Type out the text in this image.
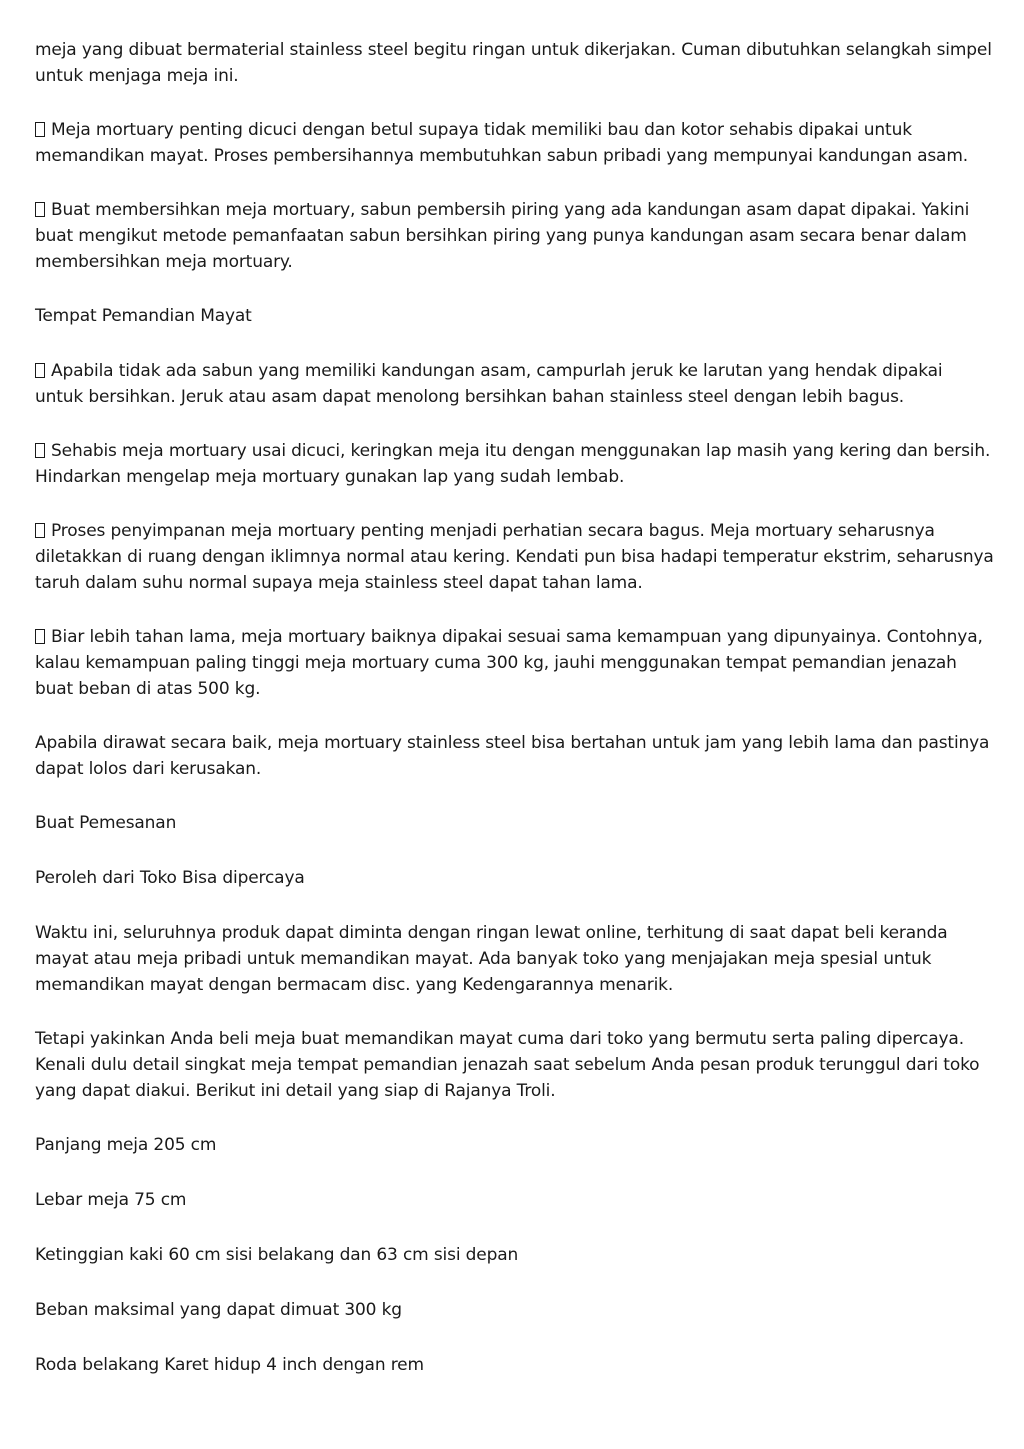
meja yang dibuat bermaterial stainless steel begitu ringan untuk dikerjakan. Cuman dibutuhkan selangkah simpel untuk menjaga meja ini.

Meja mortuary penting dicuci dengan betul supaya tidak memiliki bau dan kotor sehabis dipakai untuk memandikan mayat. Proses pembersihannya membutuhkan sabun pribadi yang mempunyai kandungan asam.

Buat membersihkan meja mortuary, sabun pembersih piring yang ada kandungan asam dapat dipakai. Yakini buat mengikut metode pemanfaatan sabun bersihkan piring yang punya kandungan asam secara benar dalam membersihkan meja mortuary.

Tempat Pemandian Mayat

Apabila tidak ada sabun yang memiliki kandungan asam, campurlah jeruk ke larutan yang hendak dipakai untuk bersihkan. Jeruk atau asam dapat menolong bersihkan bahan stainless steel dengan lebih bagus.

Sehabis meja mortuary usai dicuci, keringkan meja itu dengan menggunakan lap masih yang kering dan bersih. Hindarkan mengelap meja mortuary gunakan lap yang sudah lembab.

Proses penyimpanan meja mortuary penting menjadi perhatian secara bagus. Meja mortuary seharusnya diletakkan di ruang dengan iklimnya normal atau kering. Kendati pun bisa hadapi temperatur ekstrim, seharusnya taruh dalam suhu normal supaya meja stainless steel dapat tahan lama.

Biar lebih tahan lama, meja mortuary baiknya dipakai sesuai sama kemampuan yang dipunyainya. Contohnya, kalau kemampuan paling tinggi meja mortuary cuma 300 kg, jauhi menggunakan tempat pemandian jenazah buat beban di atas 500 kg.

Apabila dirawat secara baik, meja mortuary stainless steel bisa bertahan untuk jam yang lebih lama dan pastinya dapat lolos dari kerusakan.

Buat Pemesanan

Peroleh dari Toko Bisa dipercaya

Waktu ini, seluruhnya produk dapat diminta dengan ringan lewat online, terhitung di saat dapat beli keranda mayat atau meja pribadi untuk memandikan mayat. Ada banyak toko yang menjajakan meja spesial untuk memandikan mayat dengan bermacam disc. yang Kedengarannya menarik.

Tetapi yakinkan Anda beli meja buat memandikan mayat cuma dari toko yang bermutu serta paling dipercaya. Kenali dulu detail singkat meja tempat pemandian jenazah saat sebelum Anda pesan produk terunggul dari toko yang dapat diakui. Berikut ini detail yang siap di Rajanya Troli.

Panjang meja 205 cm

Lebar meja 75 cm

Ketinggian kaki 60 cm sisi belakang dan 63 cm sisi depan

Beban maksimal yang dapat dimuat 300 kg

Roda belakang Karet hidup 4 inch dengan rem
